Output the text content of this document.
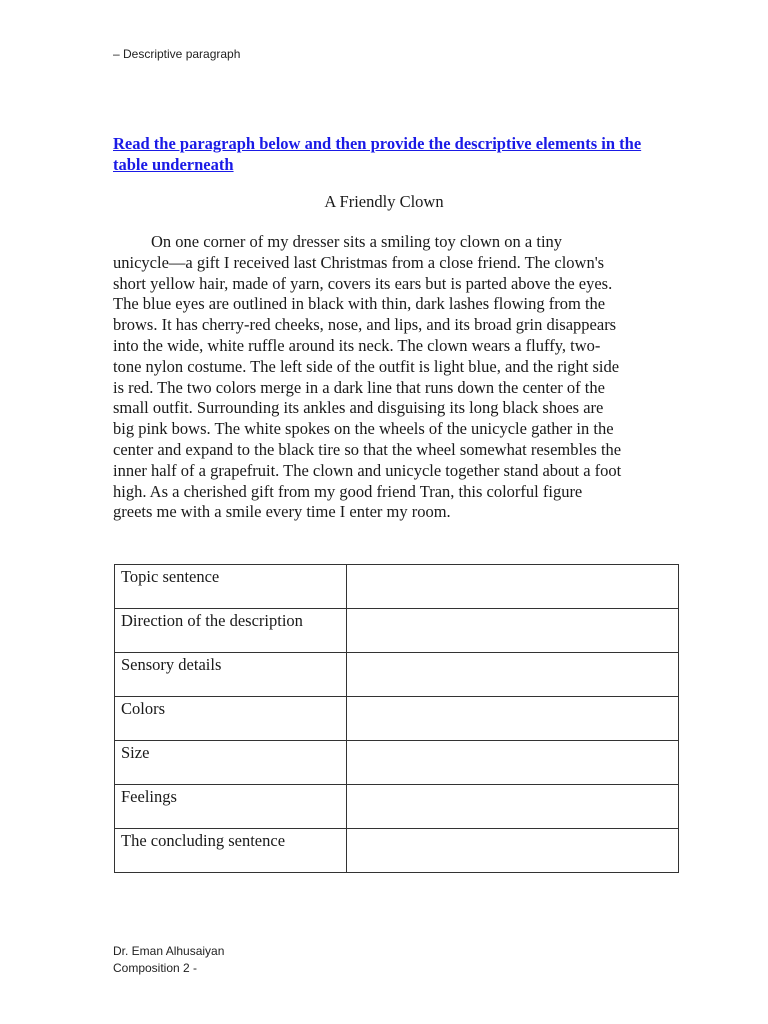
– Descriptive paragraph
Read the paragraph below and then provide the descriptive elements in the table underneath
A Friendly Clown
On one corner of my dresser sits a smiling toy clown on a tiny
unicycle—a gift I received last Christmas from a close friend. The clown's
short yellow hair, made of yarn, covers its ears but is parted above the eyes.
The blue eyes are outlined in black with thin, dark lashes flowing from the
brows. It has cherry-red cheeks, nose, and lips, and its broad grin disappears
into the wide, white ruffle around its neck. The clown wears a fluffy, two-
tone nylon costume. The left side of the outfit is light blue, and the right side
is red. The two colors merge in a dark line that runs down the center of the
small outfit. Surrounding its ankles and disguising its long black shoes are
big pink bows. The white spokes on the wheels of the unicycle gather in the
center and expand to the black tire so that the wheel somewhat resembles the
inner half of a grapefruit. The clown and unicycle together stand about a foot
high. As a cherished gift from my good friend Tran, this colorful figure
greets me with a smile every time I enter my room.
Topic sentence	
Direction of the description	
Sensory details	
Colors	
Size	
Feelings	
The concluding sentence	
Dr. Eman Alhusaiyan
Composition 2 -
